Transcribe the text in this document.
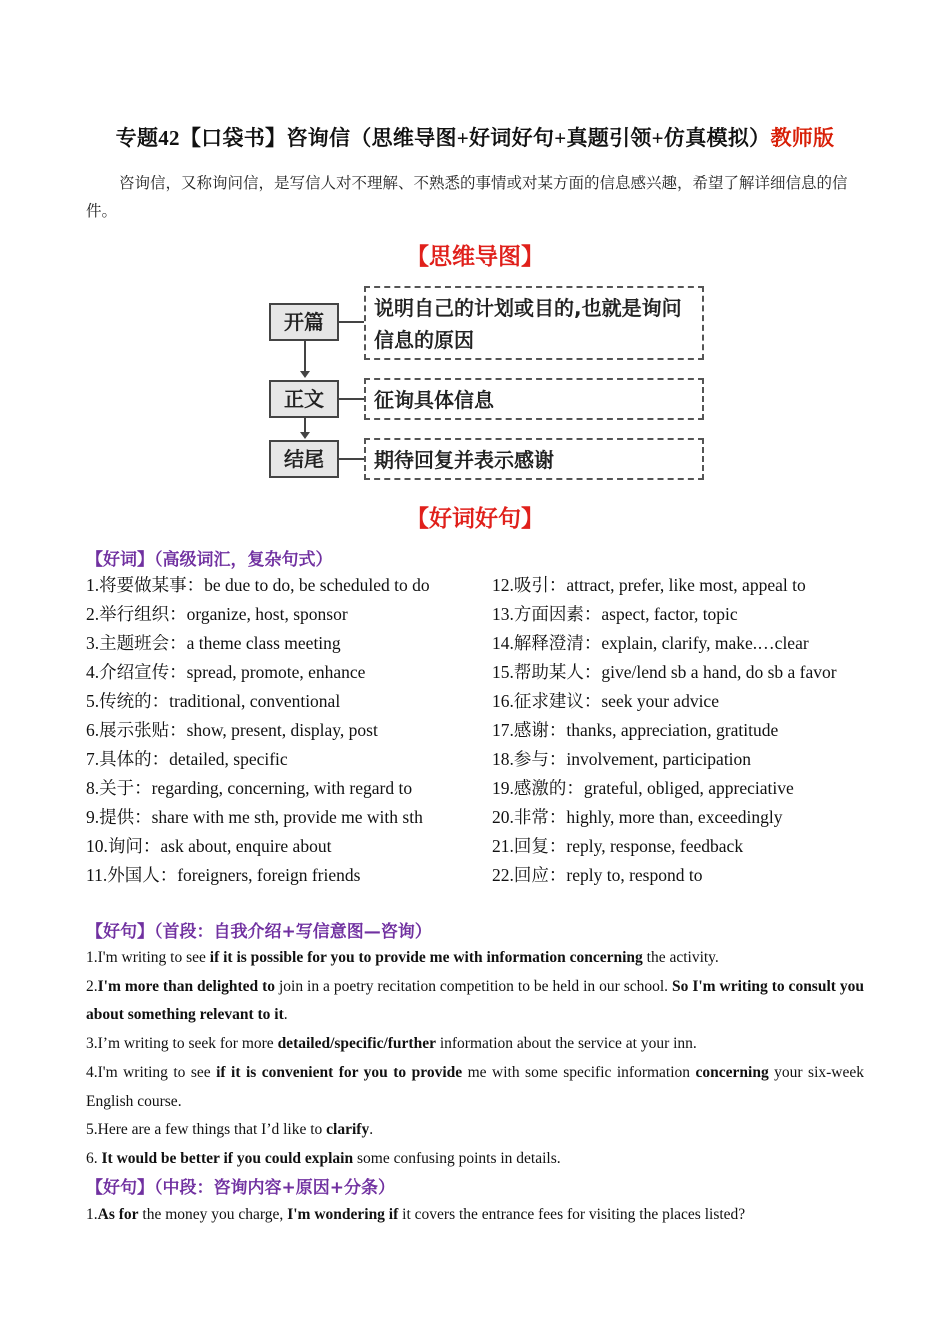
专题42【口袋书】咨询信（思维导图+好词好句+真题引领+仿真模拟）教师版
咨询信，又称询问信，是写信人对不理解、不熟悉的事情或对某方面的信息感兴趣，希望了解详细信息的信件。
【思维导图】
开篇
说明自己的计划或目的,也就是询问信息的原因
正文	征询具体信息
结尾	期待回复并表示感谢
【好词好句】
【好词】（高级词汇，复杂句式）
1.将要做某事：be due to do, be scheduled to do
2.举行组织：organize, host, sponsor
3.主题班会：a theme class meeting
4.介绍宣传：spread, promote, enhance
5.传统的：traditional, conventional
6.展示张贴：show, present, display, post
7.具体的：detailed, specific
8.关于：regarding, concerning, with regard to
9.提供：share with me sth, provide me with sth
10.询问：ask about, enquire about
11.外国人：foreigners, foreign friends
12.吸引：attract, prefer, like most, appeal to
13.方面因素：aspect, factor, topic
14.解释澄清：explain, clarify, make.…clear
15.帮助某人：give/lend sb a hand, do sb a favor
16.征求建议：seek your advice
17.感谢：thanks, appreciation, gratitude
18.参与：involvement, participation
19.感激的：grateful, obliged, appreciative
20.非常：highly, more than, exceedingly
21.回复：reply, response, feedback
22.回应：reply to, respond to
【好句】（首段：自我介绍+写信意图—咨询）
1.I'm writing to see if it is possible for you to provide me with information concerning the activity.
2.I'm more than delighted to join in a poetry recitation competition to be held in our school. So I'm writing to consult you about something relevant to it.
3.I’m writing to seek for more detailed/specific/further information about the service at your inn.
4.I'm writing to see if it is convenient for you to provide me with some specific information concerning your six-week English course.
5.Here are a few things that I’d like to clarify.
6. It would be better if you could explain some confusing points in details.
【好句】（中段：咨询内容+原因+分条）
1.As for the money you charge, I'm wondering if it covers the entrance fees for visiting the places listed?
